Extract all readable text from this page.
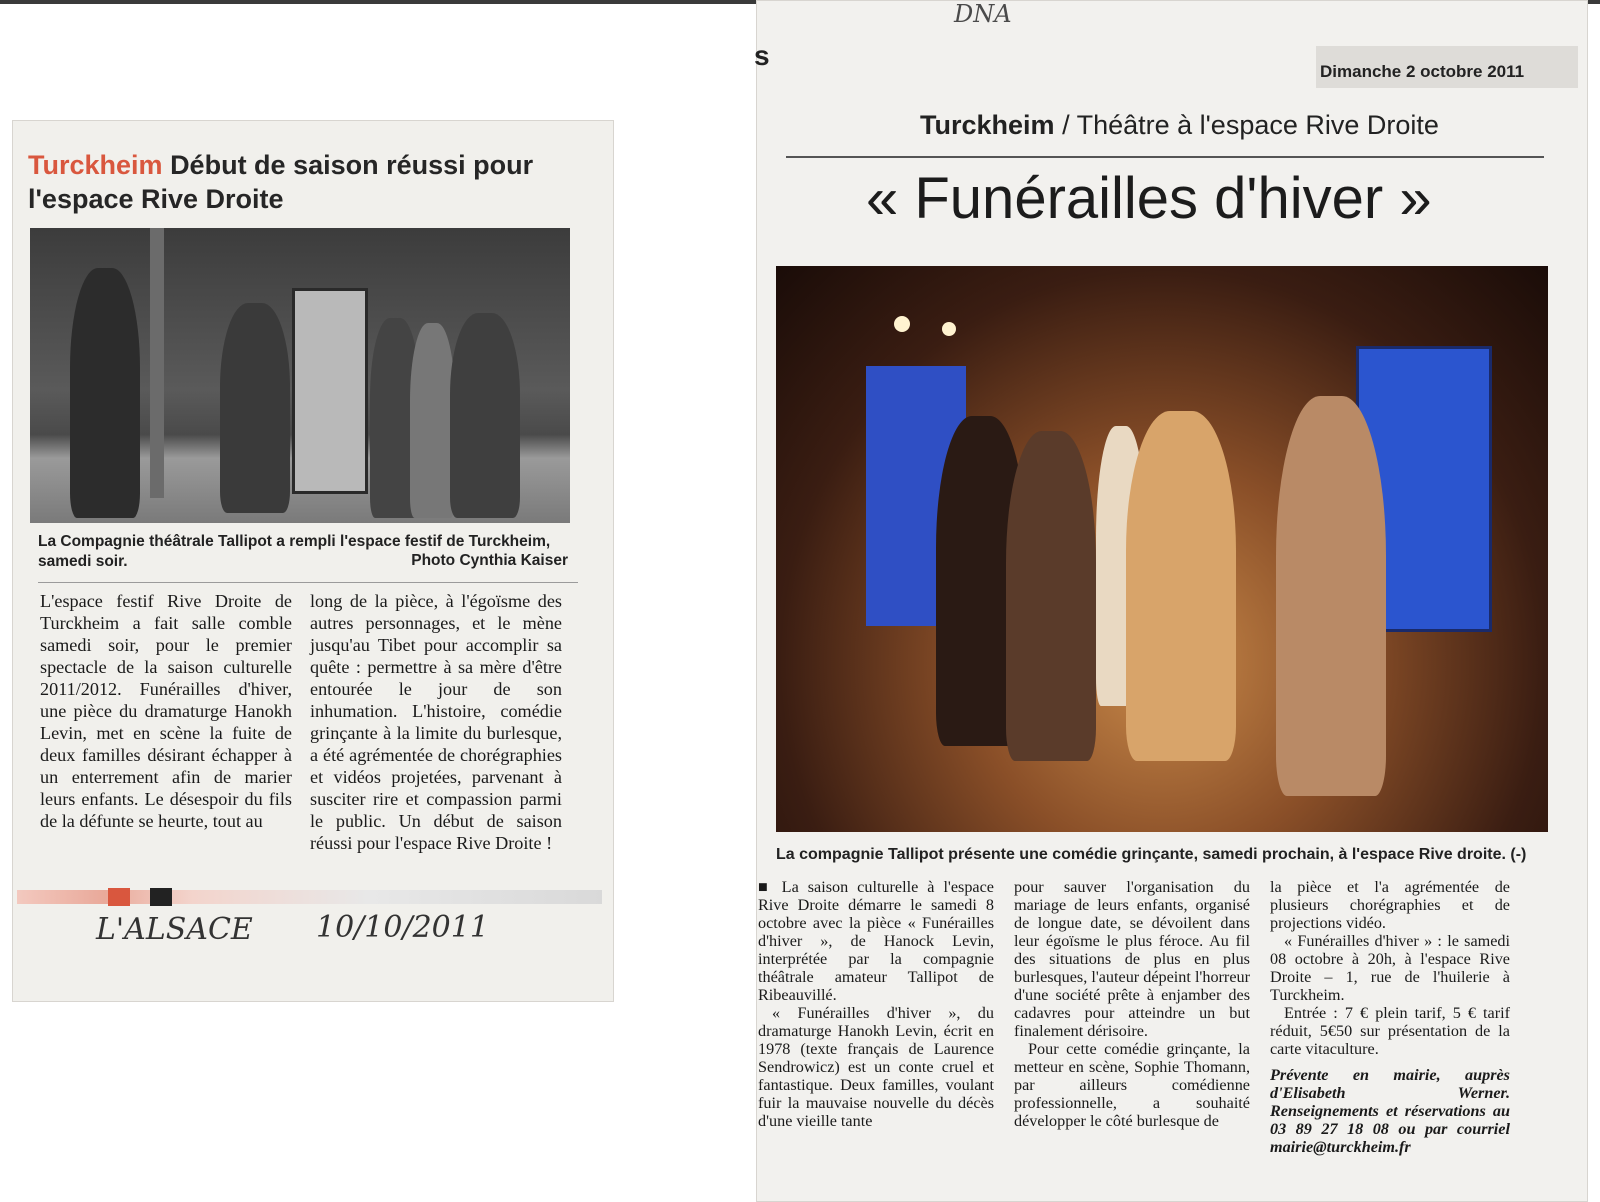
Turckheim Début de saison réussi pour l'espace Rive Droite
La Compagnie théâtrale Tallipot a rempli l'espace festif de Turckheim, samedi soir.	Photo Cynthia Kaiser

L'espace festif Rive Droite de Turckheim a fait salle comble samedi soir, pour le premier spectacle de la saison culturelle 2011/2012. Funérailles d'hiver, une pièce du dramaturge Hanokh Levin, met en scène la fuite de deux familles désirant échapper à un enterrement afin de marier leurs enfants. Le désespoir du fils de la défunte se heurte, tout au

long de la pièce, à l'égoïsme des autres personnages, et le mène jusqu'au Tibet pour accomplir sa quête : permettre à sa mère d'être entourée le jour de son inhumation. L'histoire, comédie grinçante à la limite du burlesque, a été agrémentée de chorégraphies et vidéos projetées, parvenant à susciter rire et compassion parmi le public. Un début de saison réussi pour l'espace Rive Droite !

L'ALSACE 10/10/2011
DNA
s
Dimanche 2 octobre 2011
Turckheim / Théâtre à l'espace Rive Droite
« Funérailles d'hiver »
La compagnie Tallipot présente une comédie grinçante, samedi prochain, à l'espace Rive droite. (-)

■ La saison culturelle à l'espace Rive Droite démarre le samedi 8 octobre avec la pièce « Funérailles d'hiver », de Hanock Levin, interprétée par la compagnie théâtrale amateur Tallipot de Ribeauvillé.

« Funérailles d'hiver », du dramaturge Hanokh Levin, écrit en 1978 (texte français de Laurence Sendrowicz) est un conte cruel et fantastique. Deux familles, voulant fuir la mauvaise nouvelle du décès d'une vieille tante

pour sauver l'organisation du mariage de leurs enfants, organisé de longue date, se dévoilent dans leur égoïsme le plus féroce. Au fil des situations de plus en plus burlesques, l'auteur dépeint l'horreur d'une société prête à enjamber des cadavres pour atteindre un but finalement dérisoire.

Pour cette comédie grinçante, la metteur en scène, Sophie Thomann, par ailleurs comédienne professionnelle, a souhaité développer le côté burlesque de

la pièce et l'a agrémentée de plusieurs chorégraphies et de projections vidéo.

« Funérailles d'hiver » : le samedi 08 octobre à 20h, à l'espace Rive Droite – 1, rue de l'huilerie à Turckheim.

Entrée : 7 € plein tarif, 5 € tarif réduit, 5€50 sur présentation de la carte vitaculture.

Prévente en mairie, auprès d'Elisabeth Werner. Renseignements et réservations au 03 89 27 18 08 ou par courriel mairie@turckheim.fr
